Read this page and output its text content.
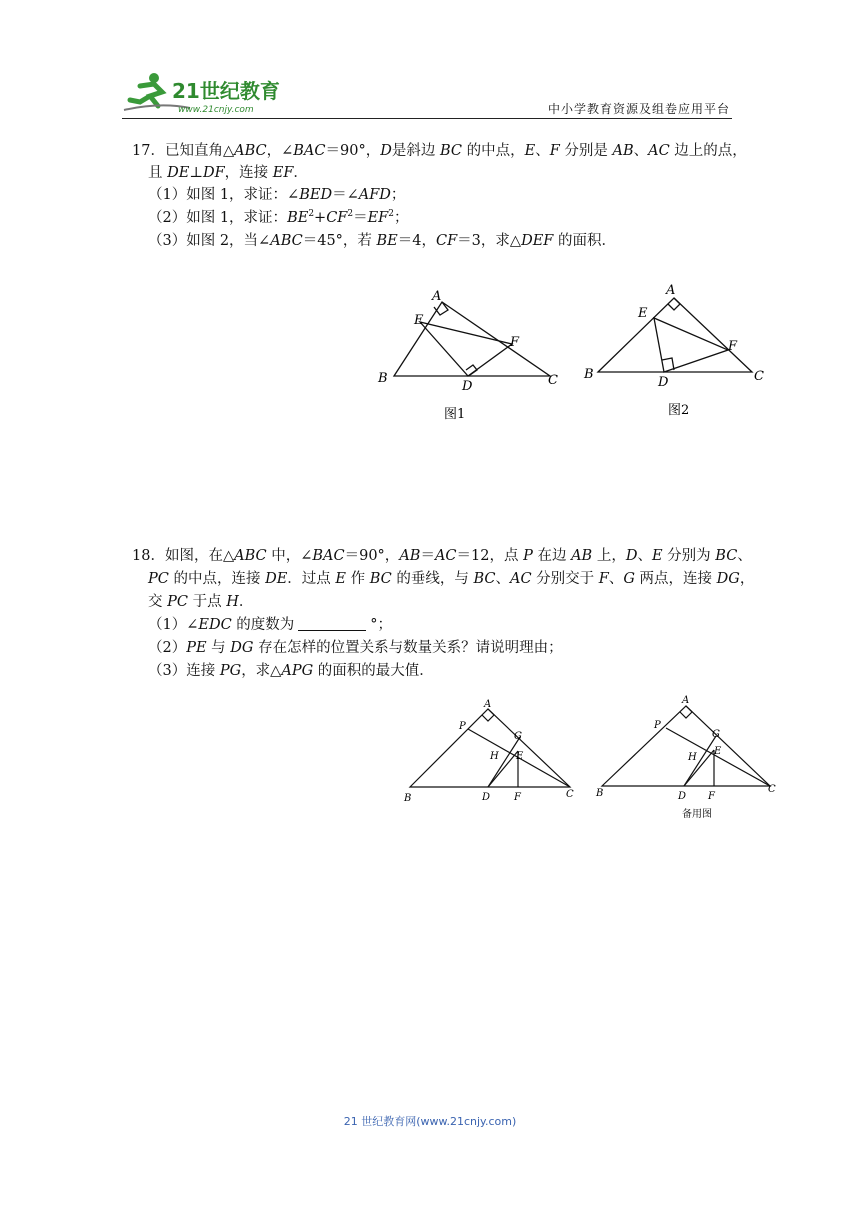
21世纪教育
www.21cnjy.com	中小学教育资源及组卷应用平台
17．已知直角△ABC，∠BAC＝90°，D是斜边 BC 的中点，E、F 分别是 AB、AC 边上的点，
且 DE⊥DF，连接 EF．
（1）如图 1，求证：∠BED＝∠AFD；
（2）如图 1，求证：$BE^2+CF^2=EF^2$；
（3）如图 2，当∠ABC＝45°，若 BE＝4，CF＝3，求△DEF 的面积．
A
E
F
B
D	C
图1
A
E
F
B
D	C
图2
18．如图，在△ABC 中，∠BAC＝90°，AB＝AC＝12，点 P 在边 AB 上，D、E 分别为 BC、
PC 的中点，连接 DE．过点 E 作 BC 的垂线，与 BC、AC 分别交于 F、G 两点，连接 DG，
交 PC 于点 H．
（1）∠EDC 的度数为	°；
（2）PE 与 DG 存在怎样的位置关系与数量关系？请说明理由；
（3）连接 PG，求△APG 的面积的最大值．
A
P
G
H E
B	D F	C
A
P
G
H
E
B	D F
C
备用图
21 世纪教育网(www.21cnjy.com)
